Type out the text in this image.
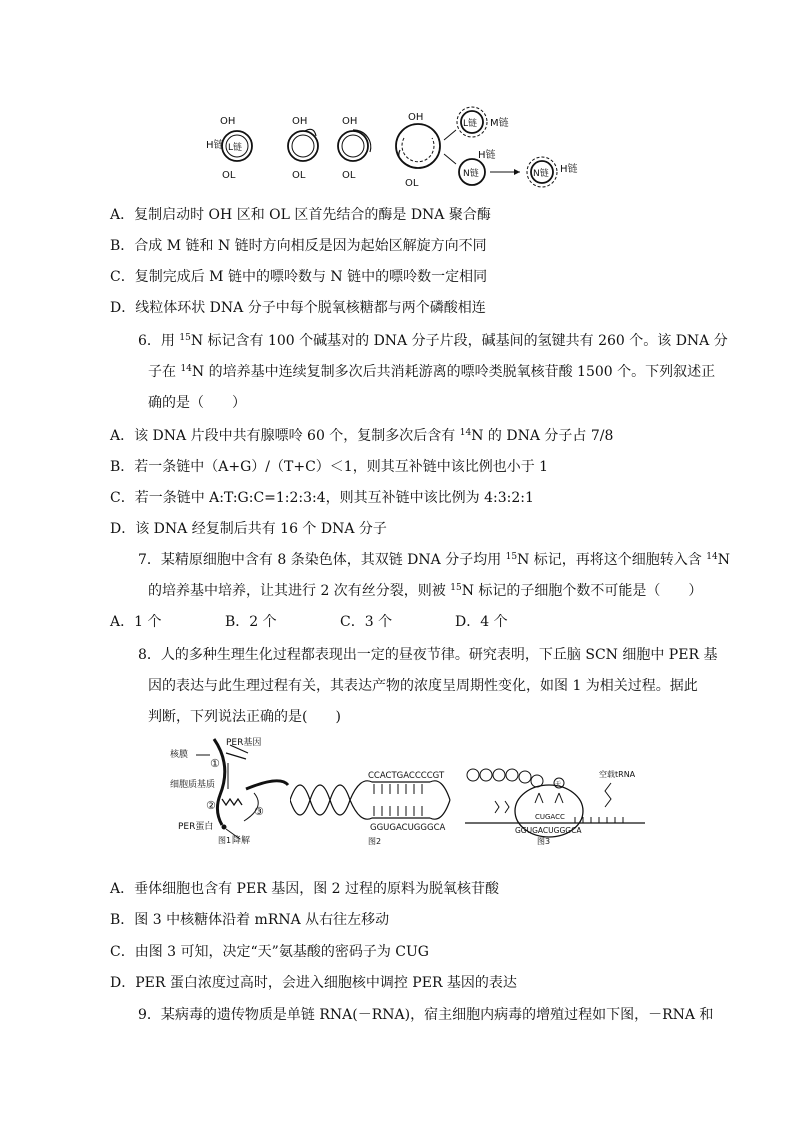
OH
H链 L链
OL
OH
OL
OH
OL
OH
OL
L链 M链
N链
H链
N链 H链
A．复制启动时 OH 区和 OL 区首先结合的酶是 DNA 聚合酶
B．合成 M 链和 N 链时方向相反是因为起始区解旋方向不同
C．复制完成后 M 链中的嘌呤数与 N 链中的嘌呤数一定相同
D．线粒体环状 DNA 分子中每个脱氧核糖都与两个磷酸相连
6．用 $^{15}$N 标记含有 100 个碱基对的 DNA 分子片段，碱基间的氢键共有 260 个。该 DNA 分
子在 $^{14}$N 的培养基中连续复制多次后共消耗游离的嘌呤类脱氧核苷酸 1500 个。下列叙述正
确的是（　　）
A．该 DNA 片段中共有腺嘌呤 60 个，复制多次后含有 $^{14}$N 的 DNA 分子占 7/8
B．若一条链中（A+G）/（T+C）＜1，则其互补链中该比例也小于 1
C．若一条链中 A:T:G:C=1:2:3:4，则其互补链中该比例为 4:3:2:1
D．该 DNA 经复制后共有 16 个 DNA 分子
7．某精原细胞中含有 8 条染色体，其双链 DNA 分子均用 $^{15}$N 标记，再将这个细胞转入含 $^{14}$N
的培养基中培养，让其进行 2 次有丝分裂，则被 $^{15}$N 标记的子细胞个数不可能是（　　）
A．1 个	B．2 个	C．3 个	D．4 个
8．人的多种生理生化过程都表现出一定的昼夜节律。研究表明，下丘脑 SCN 细胞中 PER 基
因的表达与此生理过程有关，其表达产物的浓度呈周期性变化，如图 1 为相关过程。据此
判断，下列说法正确的是(　　)
PER基因
核膜
①
细胞质基质
②	③
PER蛋白
降解
图1
CCACTGACCCCGT
GGUGACUGGGCA
图2
天
空载tRNA
CUGACC
GGUGACUGGGCA
图3
A．垂体细胞也含有 PER 基因，图 2 过程的原料为脱氧核苷酸
B．图 3 中核糖体沿着 mRNA 从右往左移动
C．由图 3 可知，决定“天”氨基酸的密码子为 CUG
D．PER 蛋白浓度过高时，会进入细胞核中调控 PER 基因的表达
9．某病毒的遗传物质是单链 RNA(－RNA)，宿主细胞内病毒的增殖过程如下图，－RNA 和
